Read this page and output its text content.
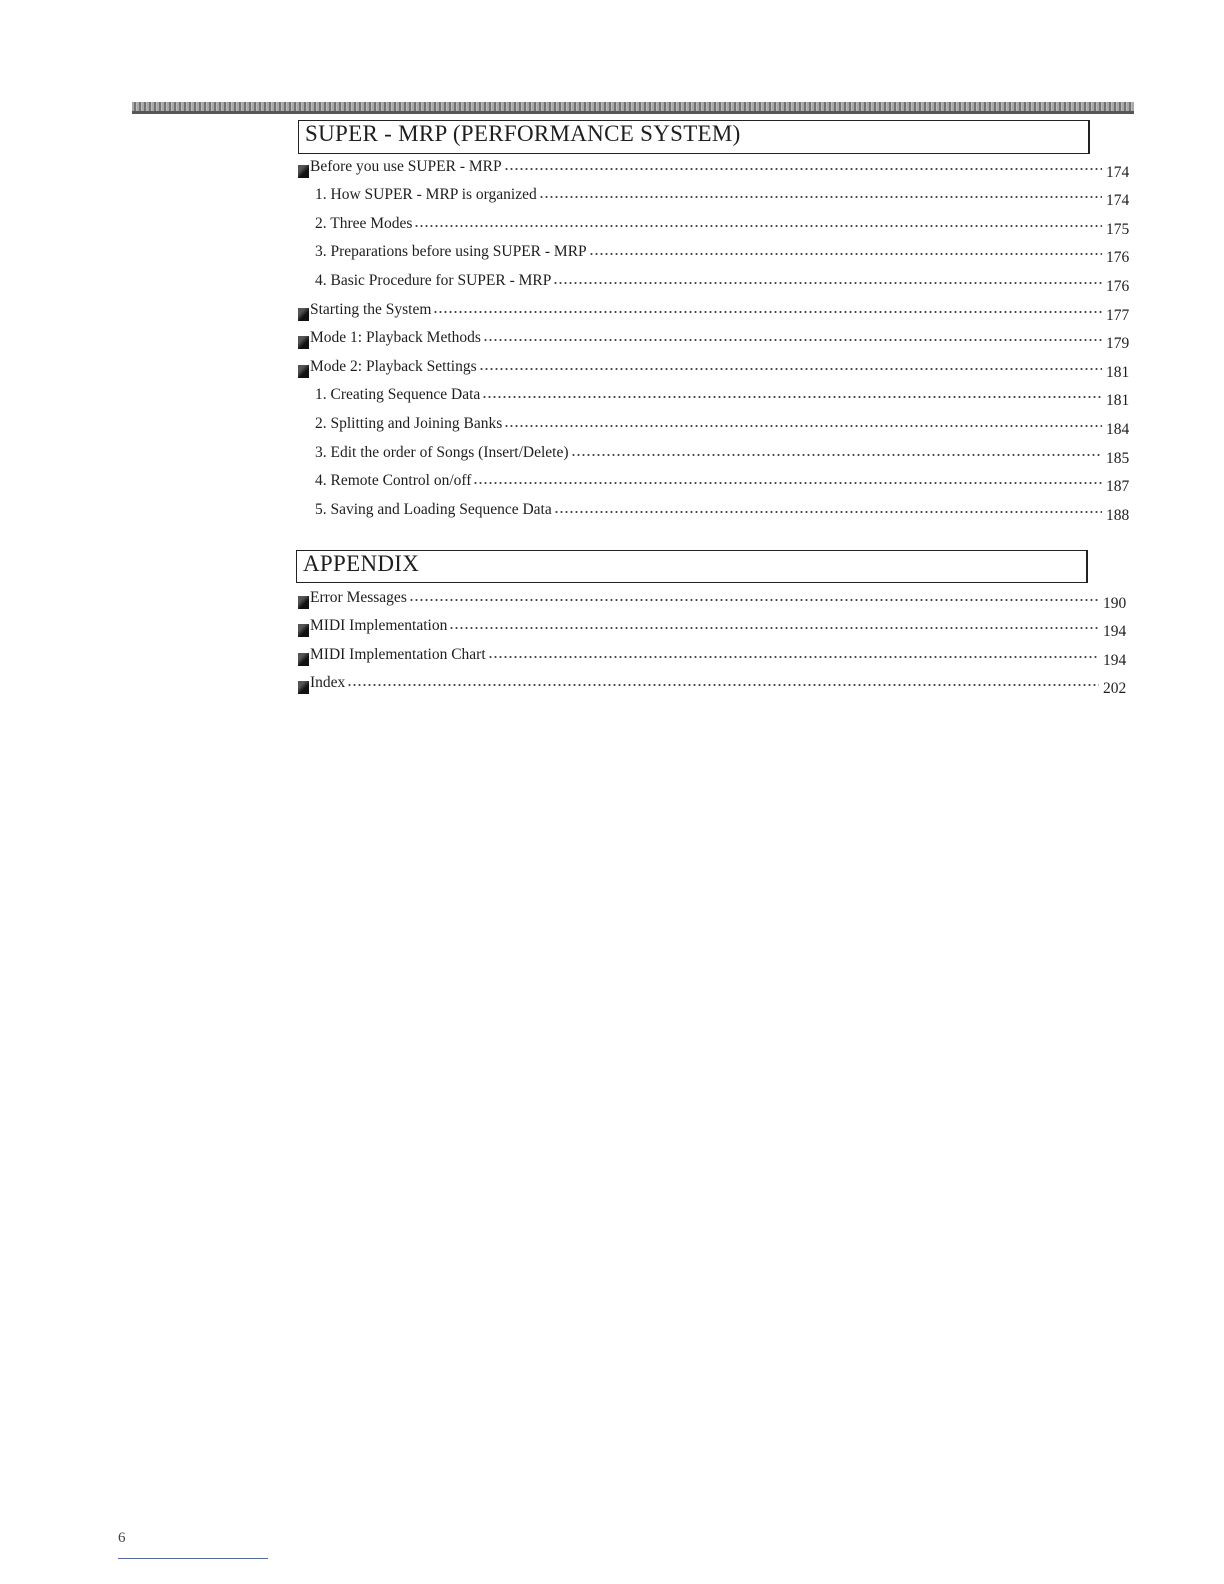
SUPER - MRP (PERFORMANCE SYSTEM)
Before you use SUPER - MRP	174
1. How SUPER - MRP is organized	174
2. Three Modes	175
3. Preparations before using SUPER - MRP	176
4. Basic Procedure for SUPER - MRP	176
Starting the System	177
Mode 1: Playback Methods	179
Mode 2: Playback Settings	181
1. Creating Sequence Data	181
2. Splitting and Joining Banks	184
3. Edit the order of Songs (Insert/Delete)	185
4. Remote Control on/off	187
5. Saving and Loading Sequence Data	188
APPENDIX
Error Messages	190
MIDI Implementation	194
MIDI Implementation Chart	194
Index	202
6
